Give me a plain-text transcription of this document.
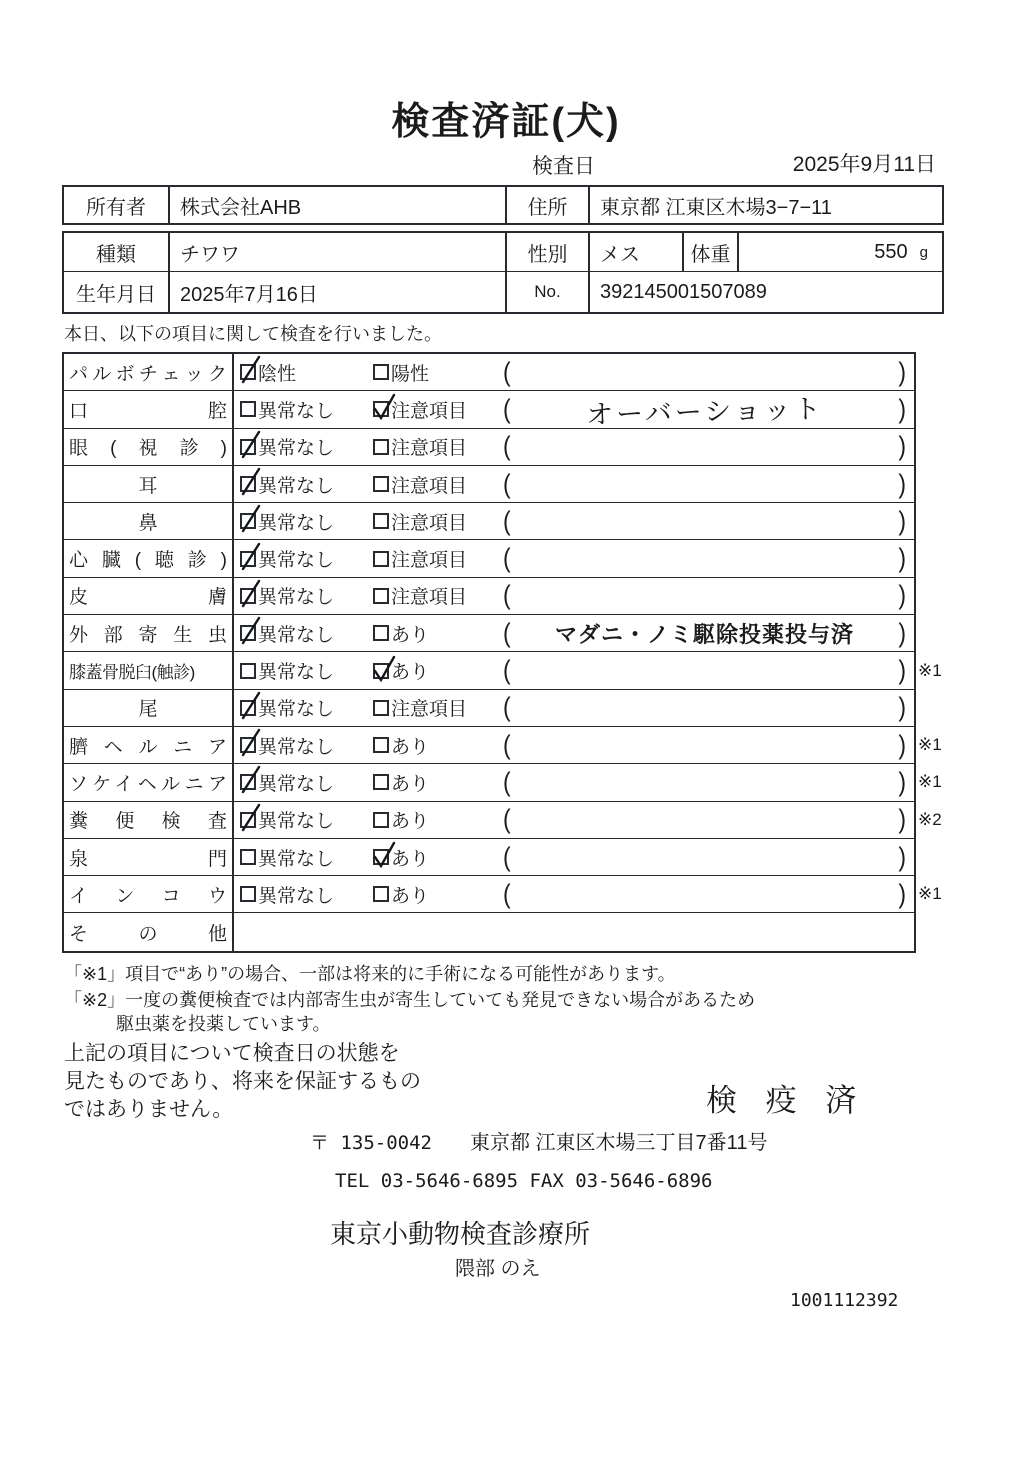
検査済証(犬)
検査日	2025年9月11日
所有者	株式会社AHB	住所	東京都 江東区木場3−7−11
種類	チワワ	性別	メス	体重	550 g
生年月日	2025年7月16日	No.	392145001507089
本日、以下の項目に関して検査を行いました。
パルボチェック 陰性	陽性	(	)
口腔 異常なし	注意項目 (	オーバーショット	)
眼(視診) 異常なし	注意項目 (	)
耳	異常なし	注意項目 (	)
鼻	異常なし	注意項目 (	)
心臓(聴診) 異常なし	注意項目 (	)
皮膚 異常なし	注意項目 (	)
外部寄生虫 異常なし	あり	(	マダニ・ノミ駆除投薬投与済	)
膝蓋骨脱臼(触診)	異常なし	あり	(	) ※1
尾	異常なし	注意項目 (	)
臍ヘルニア 異常なし	あり	(	) ※1
ソケイヘルニア 異常なし	あり	(	) ※1
糞便検査 異常なし	あり	(	) ※2
泉門 異常なし	あり	(	)
インコウ 異常なし	あり	(	) ※1
その他
「※1」項目で“あり”の場合、一部は将来的に手術になる可能性があります。
「※2」一度の糞便検査では内部寄生虫が寄生していても発見できない場合があるため
駆虫薬を投薬しています。
上記の項目について検査日の状態を
見たものであり、将来を保証するもの
ではありません。	検 疫 済
〒 135-0042 東京都 江東区木場三丁目7番11号
TEL 03-5646-6895 FAX 03-5646-6896
東京小動物検査診療所
隈部 のえ
1001112392
